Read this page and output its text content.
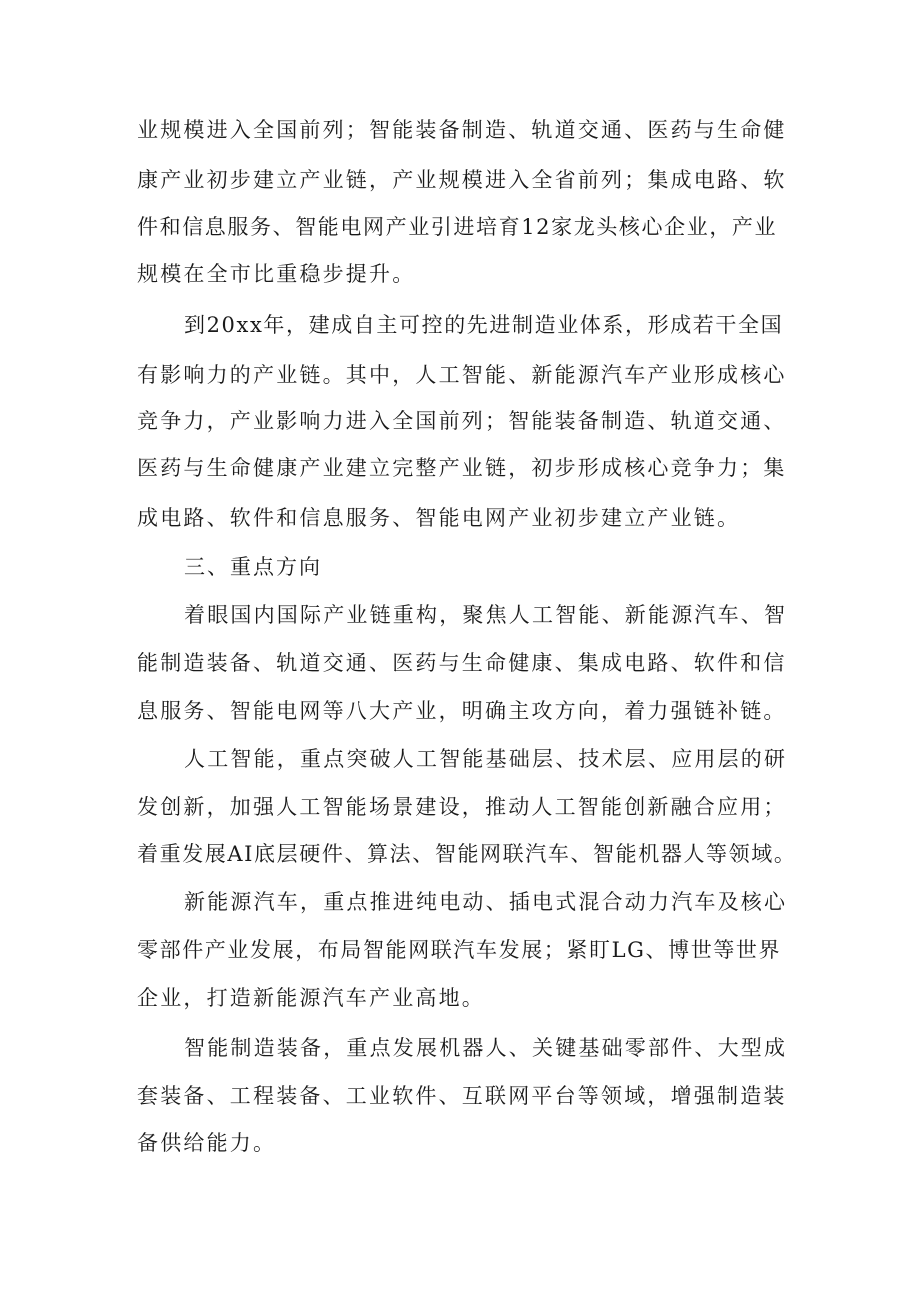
业规模进入全国前列；智能装备制造、轨道交通、医药与生命健
康产业初步建立产业链，产业规模进入全省前列；集成电路、软
件和信息服务、智能电网产业引进培育12家龙头核心企业，产业
规模在全市比重稳步提升。
到20xx年，建成自主可控的先进制造业体系，形成若干全国
有影响力的产业链。其中，人工智能、新能源汽车产业形成核心
竞争力，产业影响力进入全国前列；智能装备制造、轨道交通、
医药与生命健康产业建立完整产业链，初步形成核心竞争力；集
成电路、软件和信息服务、智能电网产业初步建立产业链。
三、重点方向
着眼国内国际产业链重构，聚焦人工智能、新能源汽车、智
能制造装备、轨道交通、医药与生命健康、集成电路、软件和信
息服务、智能电网等八大产业，明确主攻方向，着力强链补链。
人工智能，重点突破人工智能基础层、技术层、应用层的研
发创新，加强人工智能场景建设，推动人工智能创新融合应用；
着重发展AI底层硬件、算法、智能网联汽车、智能机器人等领域。
新能源汽车，重点推进纯电动、插电式混合动力汽车及核心
零部件产业发展，布局智能网联汽车发展；紧盯LG、博世等世界
企业，打造新能源汽车产业高地。
智能制造装备，重点发展机器人、关键基础零部件、大型成
套装备、工程装备、工业软件、互联网平台等领域，增强制造装
备供给能力。
